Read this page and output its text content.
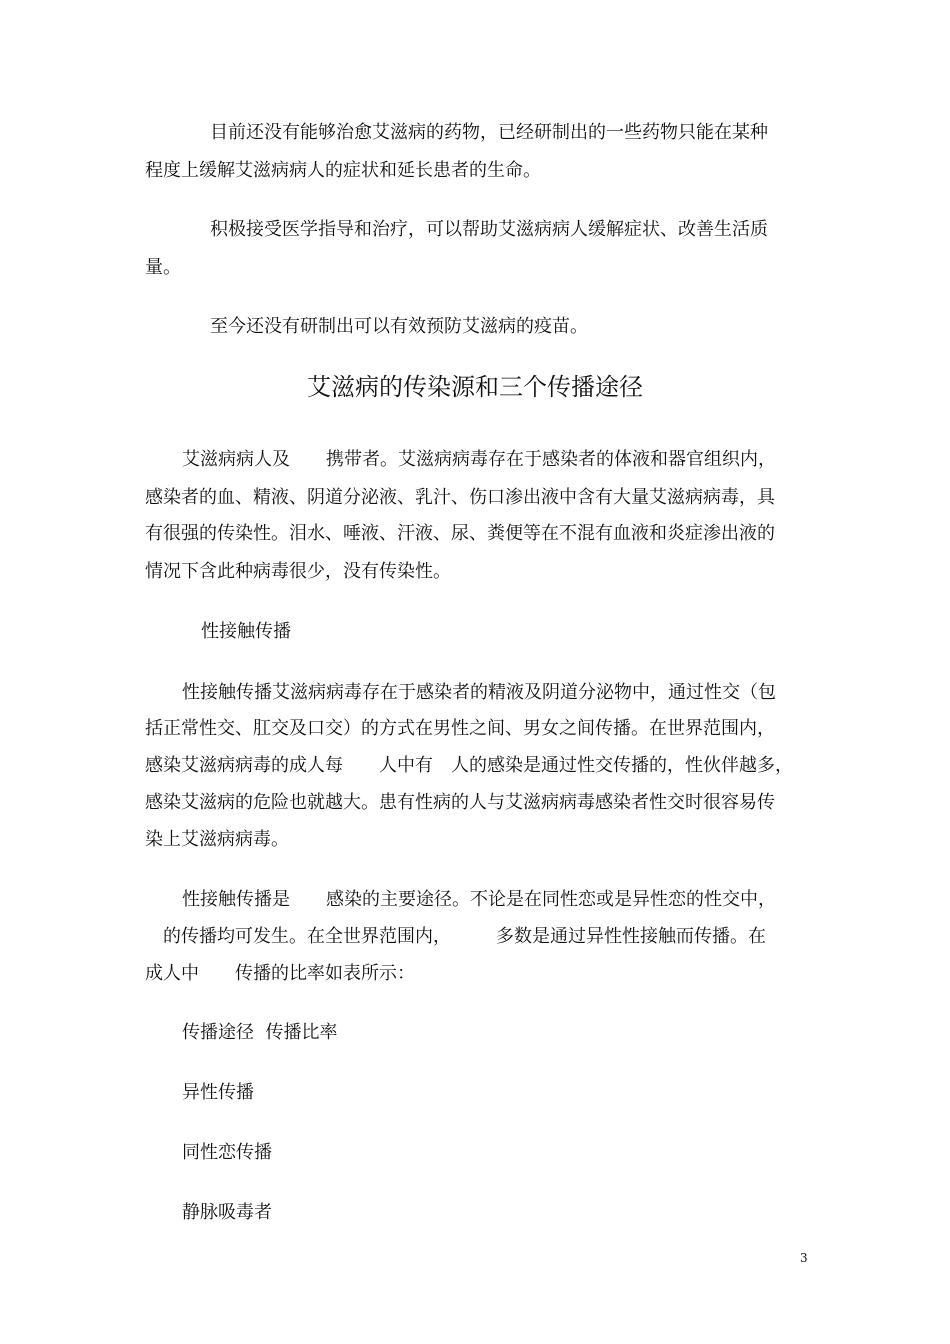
目前还没有能够治愈艾滋病的药物，已经研制出的一些药物只能在某种
程度上缓解艾滋病病人的症状和延长患者的生命。
积极接受医学指导和治疗，可以帮助艾滋病病人缓解症状、改善生活质
量。
至今还没有研制出可以有效预防艾滋病的疫苗。
艾滋病的传染源和三个传播途径
艾滋病病人及　　携带者。艾滋病病毒存在于感染者的体液和器官组织内，
感染者的血、精液、阴道分泌液、乳汁、伤口渗出液中含有大量艾滋病病毒，具
有很强的传染性。泪水、唾液、汗液、尿、粪便等在不混有血液和炎症渗出液的
情况下含此种病毒很少，没有传染性。
性接触传播
性接触传播艾滋病病毒存在于感染者的精液及阴道分泌物中，通过性交（包
括正常性交、肛交及口交）的方式在男性之间、男女之间传播。在世界范围内，
感染艾滋病病毒的成人每　　人中有　人的感染是通过性交传播的，性伙伴越多，
感染艾滋病的危险也就越大。患有性病的人与艾滋病病毒感染者性交时很容易传
染上艾滋病病毒。
性接触传播是　　感染的主要途径。不论是在同性恋或是异性恋的性交中，
　的传播均可发生。在全世界范围内，　　　多数是通过异性性接触而传播。在
成人中　　传播的比率如表所示：
传播途径  传播比率
异性传播
同性恋传播
静脉吸毒者
3
